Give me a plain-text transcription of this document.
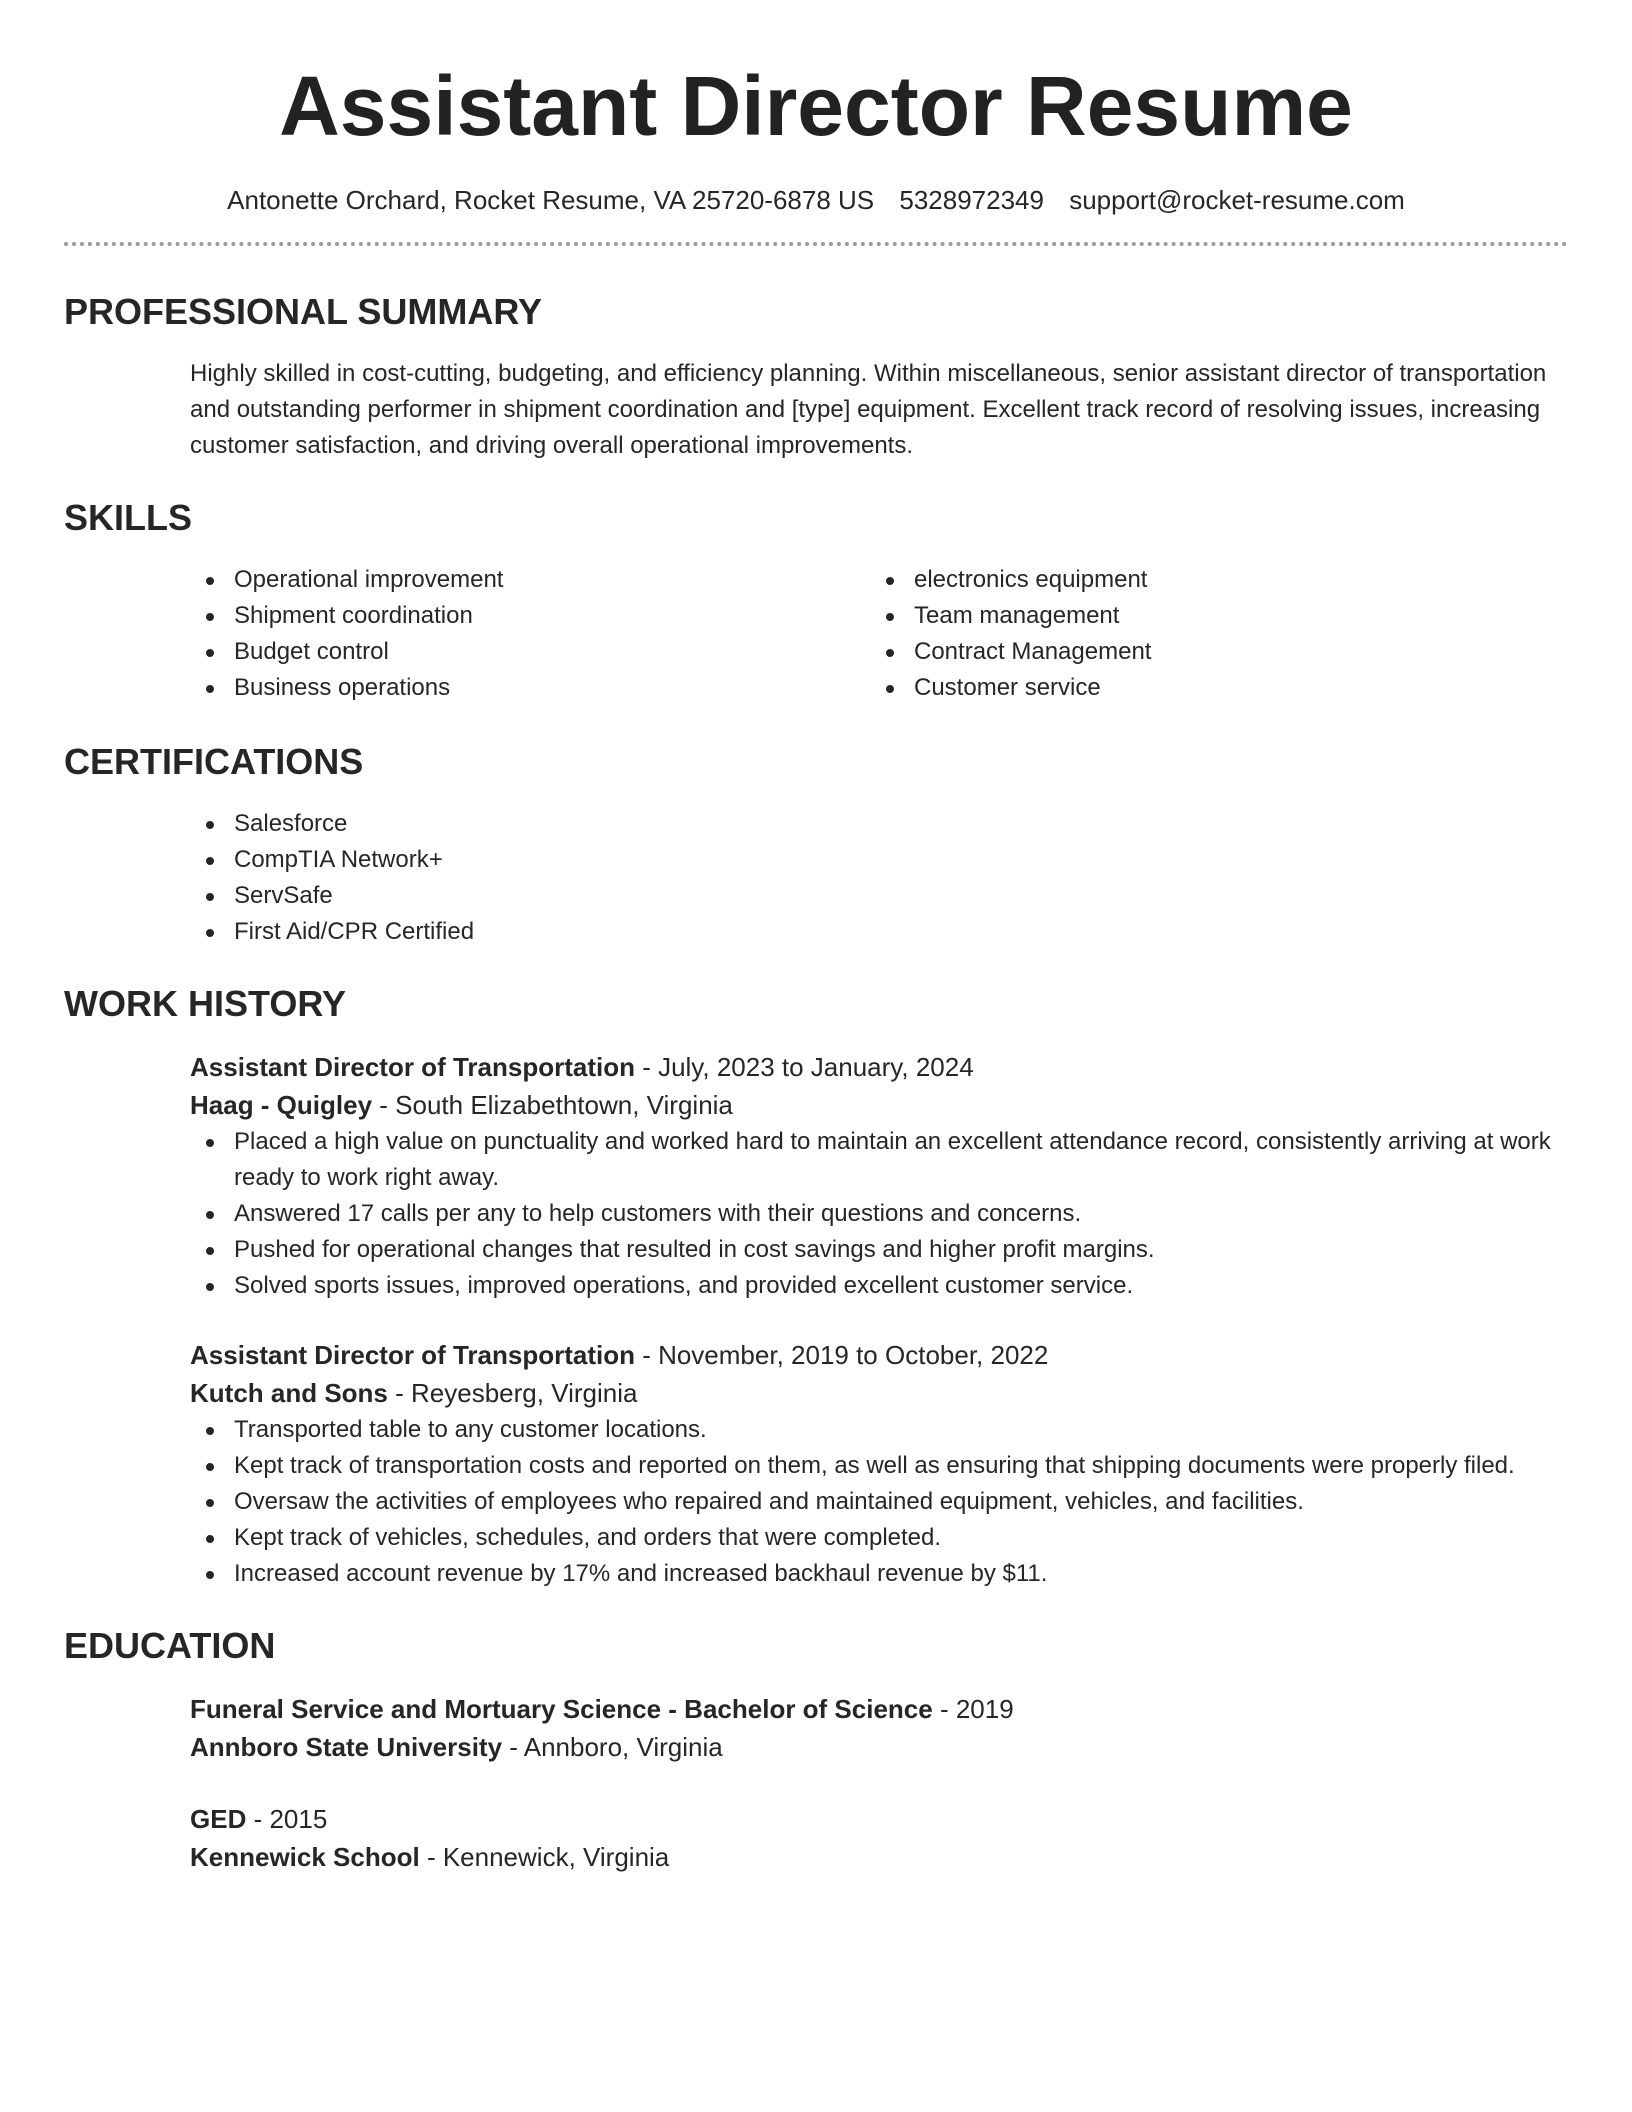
Assistant Director Resume
Antonette Orchard, Rocket Resume, VA 25720-6878 US 5328972349 support@rocket-resume.com
PROFESSIONAL SUMMARY

Highly skilled in cost-cutting, budgeting, and efficiency planning. Within miscellaneous, senior assistant director of transportation and outstanding performer in shipment coordination and [type] equipment. Excellent track record of resolving issues, increasing customer satisfaction, and driving overall operational improvements.

SKILLS
Operational improvement
Shipment coordination
Budget control
Business operations
electronics equipment
Team management
Contract Management
Customer service
CERTIFICATIONS
Salesforce
CompTIA Network+
ServSafe
First Aid/CPR Certified
WORK HISTORY
Assistant Director of Transportation - July, 2023 to January, 2024
Haag - Quigley - South Elizabethtown, Virginia
Placed a high value on punctuality and worked hard to maintain an excellent attendance record, consistently arriving at work ready to work right away.
Answered 17 calls per any to help customers with their questions and concerns.
Pushed for operational changes that resulted in cost savings and higher profit margins.
Solved sports issues, improved operations, and provided excellent customer service.
Assistant Director of Transportation - November, 2019 to October, 2022
Kutch and Sons - Reyesberg, Virginia
Transported table to any customer locations.
Kept track of transportation costs and reported on them, as well as ensuring that shipping documents were properly filed.
Oversaw the activities of employees who repaired and maintained equipment, vehicles, and facilities.
Kept track of vehicles, schedules, and orders that were completed.
Increased account revenue by 17% and increased backhaul revenue by $11.
EDUCATION
Funeral Service and Mortuary Science - Bachelor of Science - 2019
Annboro State University - Annboro, Virginia
GED - 2015
Kennewick School - Kennewick, Virginia
